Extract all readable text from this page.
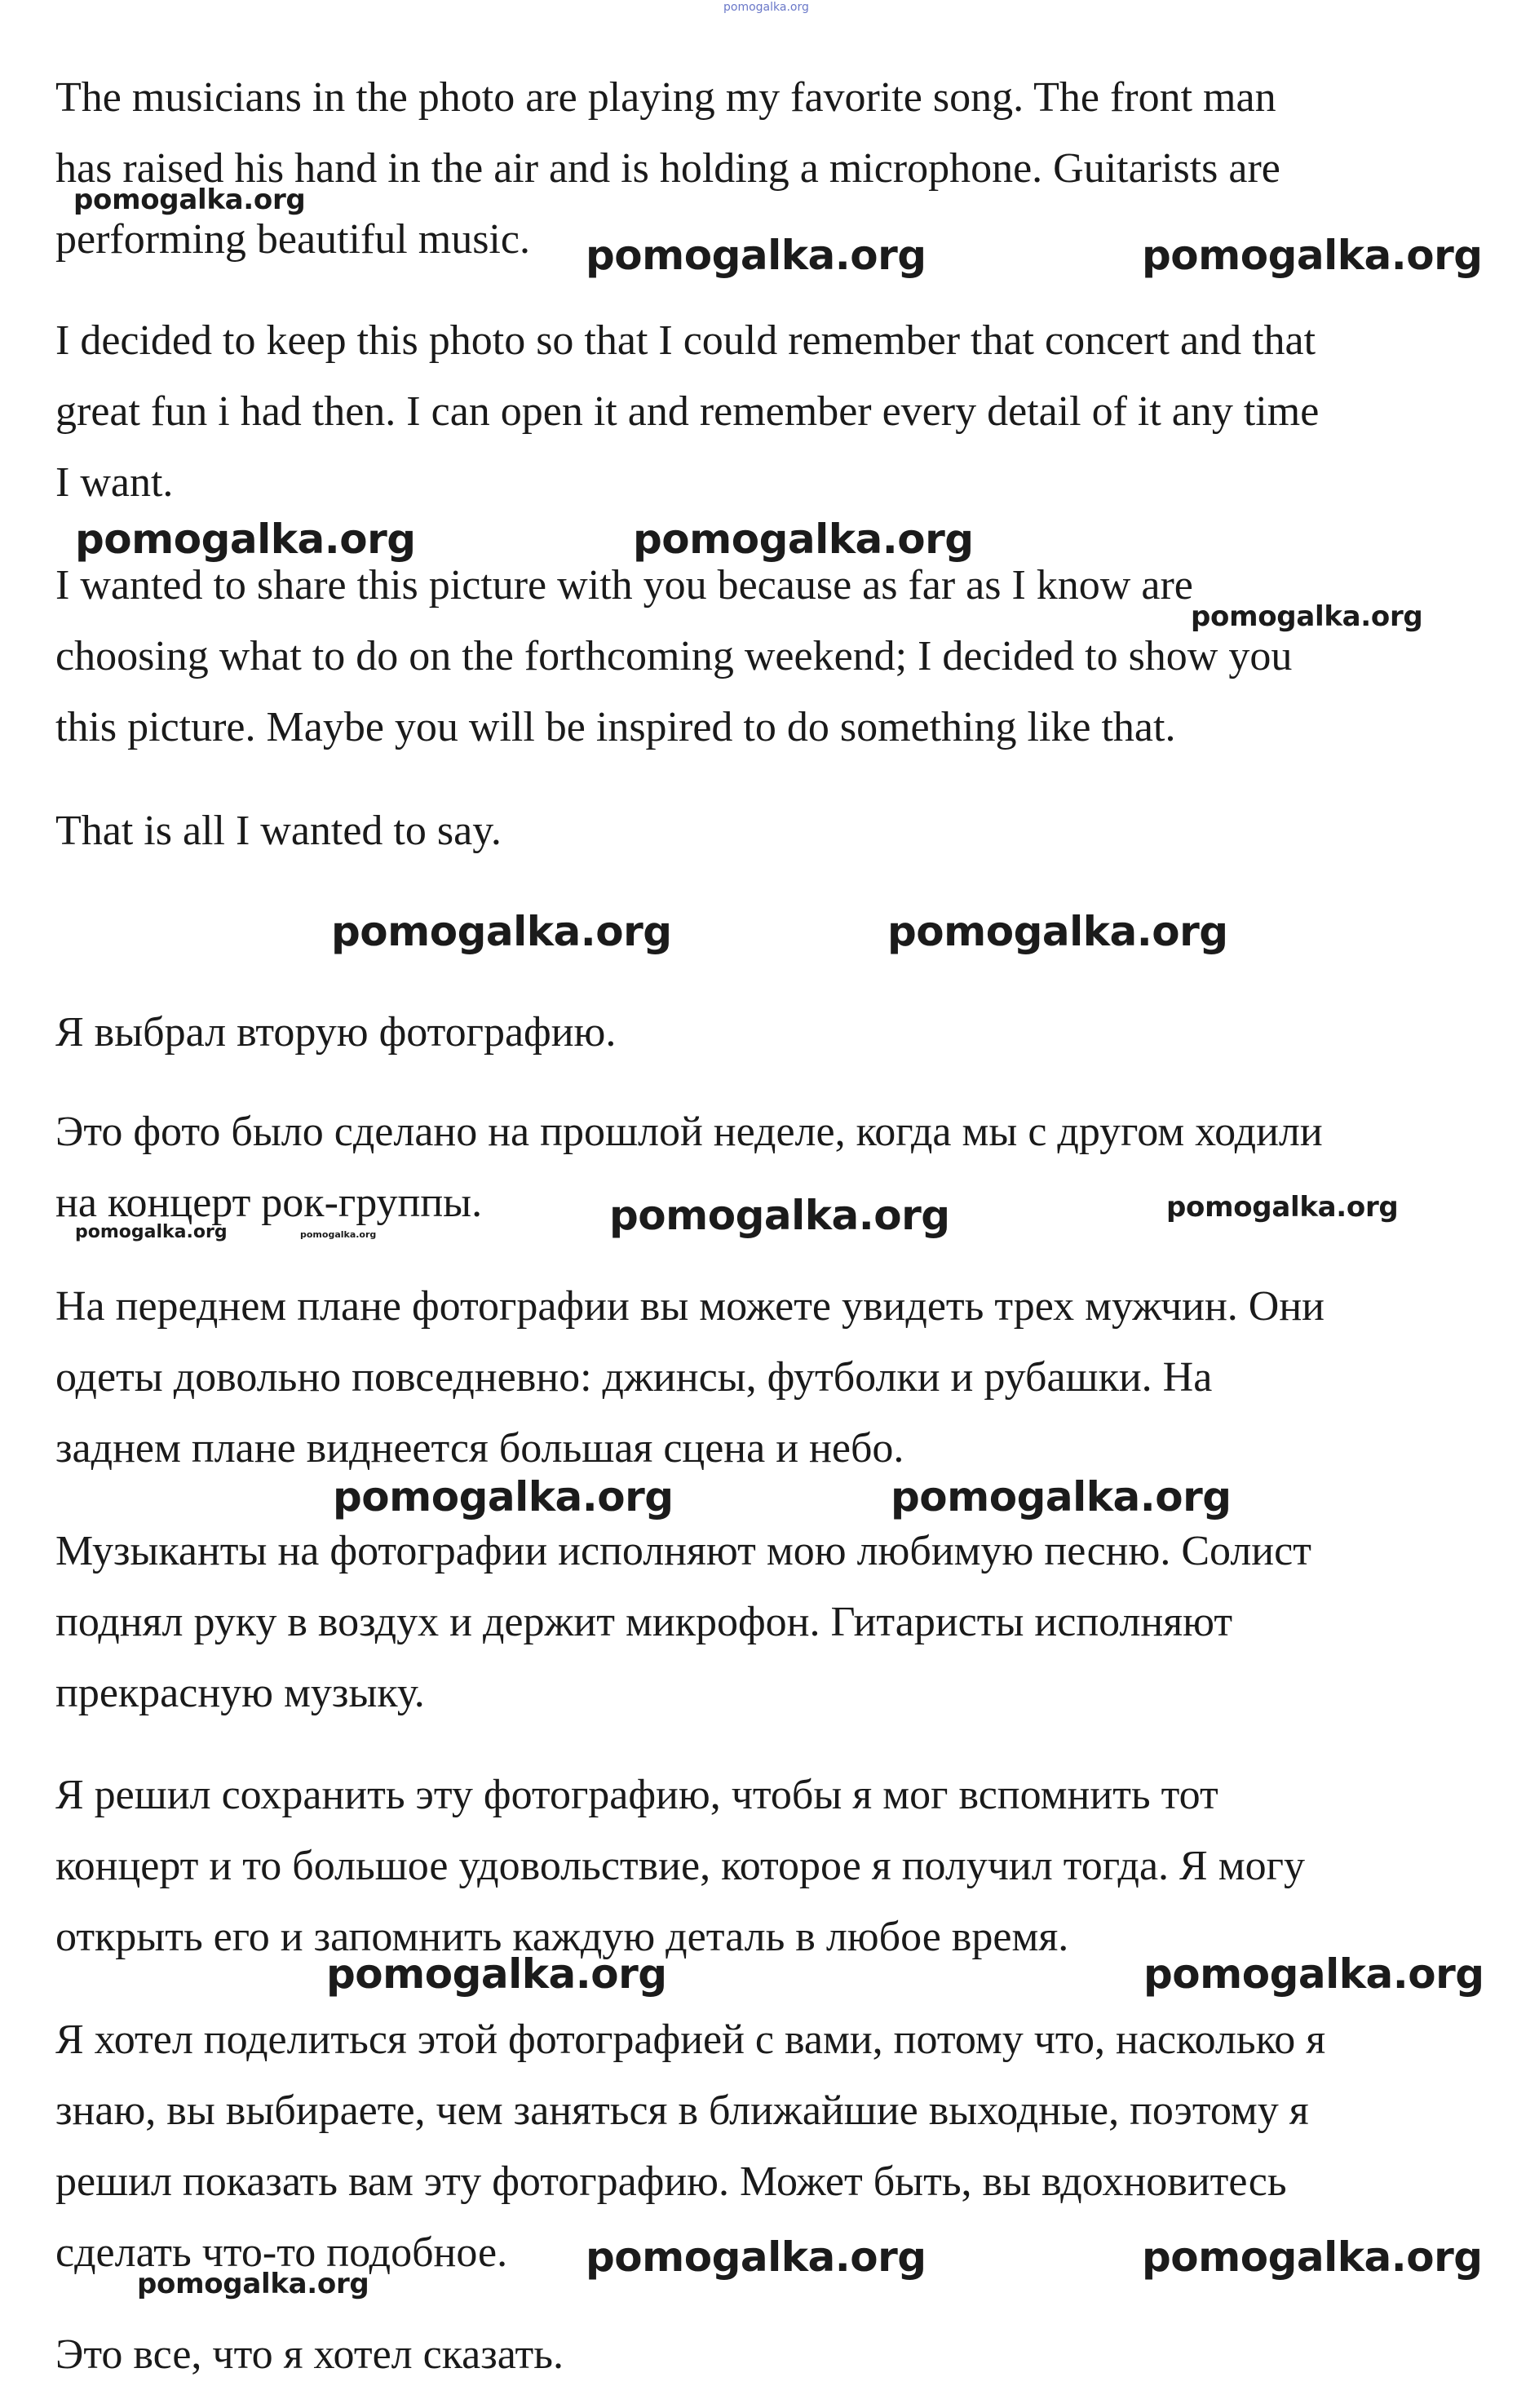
The musicians in the photo are playing my favorite song. The front man
has raised his hand in the air and is holding a microphone. Guitarists are
performing beautiful music.

I decided to keep this photo so that I could remember that concert and that
great fun i had then. I can open it and remember every detail of it any time
I want.

I wanted to share this picture with you because as far as I know are
choosing what to do on the forthcoming weekend; I decided to show you
this picture. Maybe you will be inspired to do something like that.

That is all I wanted to say.

Я выбрал вторую фотографию.

Это фото было сделано на прошлой неделе, когда мы с другом ходили
на концерт рок-группы.

На переднем плане фотографии вы можете увидеть трех мужчин. Они
одеты довольно повседневно: джинсы, футболки и рубашки. На
заднем плане виднеется большая сцена и небо.

Музыканты на фотографии исполняют мою любимую песню. Солист
поднял руку в воздух и держит микрофон. Гитаристы исполняют
прекрасную музыку.

Я решил сохранить эту фотографию, чтобы я мог вспомнить тот
концерт и то большое удовольствие, которое я получил тогда. Я могу
открыть его и запомнить каждую деталь в любое время.

Я хотел поделиться этой фотографией с вами, потому что, насколько я
знаю, вы выбираете, чем заняться в ближайшие выходные, поэтому я
решил показать вам эту фотографию. Может быть, вы вдохновитесь
сделать что-то подобное.

Это все, что я хотел сказать.

pomogalka.org
pomogalka.org
pomogalka.org	pomogalka.org
pomogalka.org	pomogalka.org
pomogalka.org
pomogalka.org	pomogalka.org
pomogalka.org	pomogalka.org	pomogalka.org	pomogalka.org
pomogalka.org	pomogalka.org
pomogalka.org	pomogalka.org
pomogalka.org	pomogalka.org
pomogalka.org
